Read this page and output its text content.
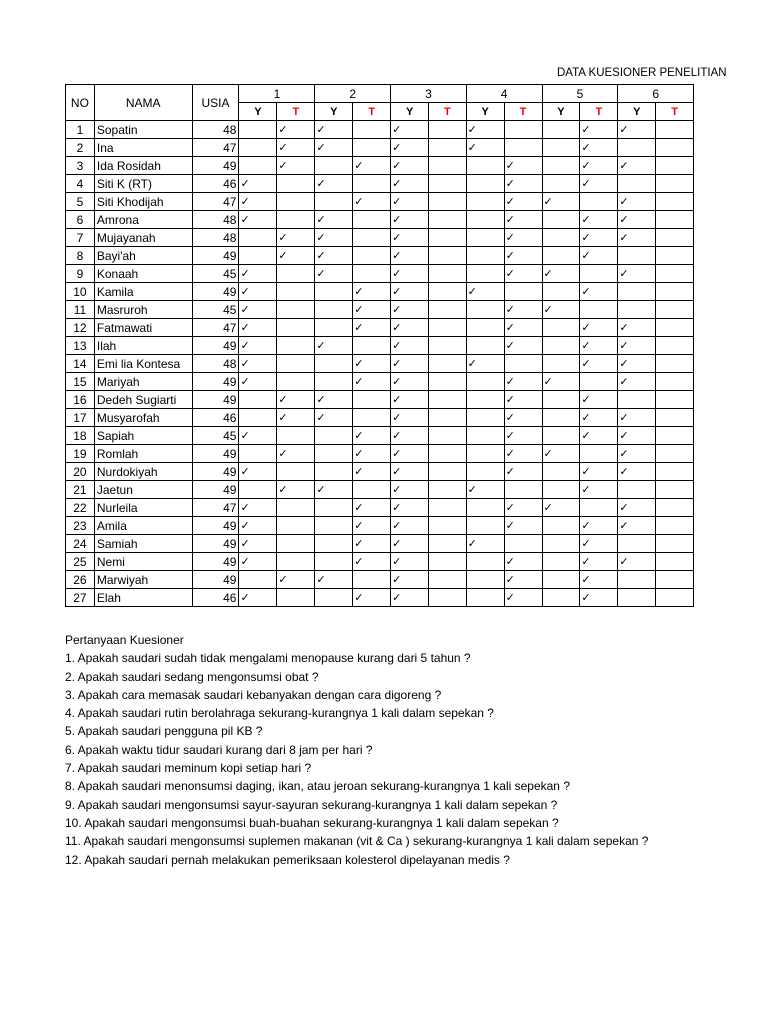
DATA KUESIONER PENELITIAN
NO	NAMA	USIA	1		2		3		4		5		6	
			Y	T	Y	T	Y	T	Y	T	Y	T	Y	T
1	Sopatin	48		✓	✓		✓		✓			✓	✓	
2	Ina	47		✓	✓		✓		✓			✓		
3	Ida Rosidah	49		✓		✓	✓			✓		✓	✓	
4	Siti K (RT)	46	✓		✓		✓			✓		✓		
5	Siti Khodijah	47	✓			✓	✓			✓	✓		✓	
6	Amrona	48	✓		✓		✓			✓		✓	✓	
7	Mujayanah	48		✓	✓		✓			✓		✓	✓	
8	Bayi'ah	49		✓	✓		✓			✓		✓		
9	Konaah	45	✓		✓		✓			✓	✓		✓	
10	Kamila	49	✓			✓	✓		✓			✓		
11	Masruroh	45	✓			✓	✓			✓	✓			
12	Fatmawati	47	✓			✓	✓			✓		✓	✓	
13	Ilah	49	✓		✓		✓			✓		✓	✓	
14	Emi lia Kontesa	48	✓			✓	✓		✓			✓	✓	
15	Mariyah	49	✓			✓	✓			✓	✓		✓	
16	Dedeh Sugiarti	49		✓	✓		✓			✓		✓		
17	Musyarofah	46		✓	✓		✓			✓		✓	✓	
18	Sapiah	45	✓			✓	✓			✓		✓	✓	
19	Romlah	49		✓		✓	✓			✓	✓		✓	
20	Nurdokiyah	49	✓			✓	✓			✓		✓	✓	
21	Jaetun	49		✓	✓		✓		✓			✓		
22	Nurleila	47	✓			✓	✓			✓	✓		✓	
23	Amila	49	✓			✓	✓			✓		✓	✓	
24	Samiah	49	✓			✓	✓		✓			✓		
25	Nemi	49	✓			✓	✓			✓		✓	✓	
26	Marwiyah	49		✓	✓		✓			✓		✓		
27	Elah	46	✓			✓	✓			✓		✓		
Pertanyaan Kuesioner
1. Apakah saudari sudah tidak mengalami menopause kurang dari 5 tahun ?
2. Apakah saudari sedang mengonsumsi obat ?
3. Apakah cara memasak saudari kebanyakan dengan cara digoreng ?
4. Apakah saudari rutin berolahraga sekurang-kurangnya 1 kali dalam sepekan ?
5. Apakah saudari pengguna pil KB ?
6. Apakah waktu tidur saudari kurang dari 8 jam per hari ?
7. Apakah saudari meminum kopi setiap hari ?
8. Apakah saudari menonsumsi daging, ikan, atau jeroan sekurang-kurangnya 1 kali sepekan ?
9. Apakah saudari mengonsumsi sayur-sayuran sekurang-kurangnya 1 kali dalam sepekan ?
10. Apakah saudari mengonsumsi buah-buahan sekurang-kurangnya 1 kali dalam sepekan ?
11. Apakah saudari mengonsumsi suplemen makanan (vit & Ca ) sekurang-kurangnya 1 kali dalam sepekan ?
12. Apakah saudari pernah melakukan pemeriksaan kolesterol dipelayanan medis ?
